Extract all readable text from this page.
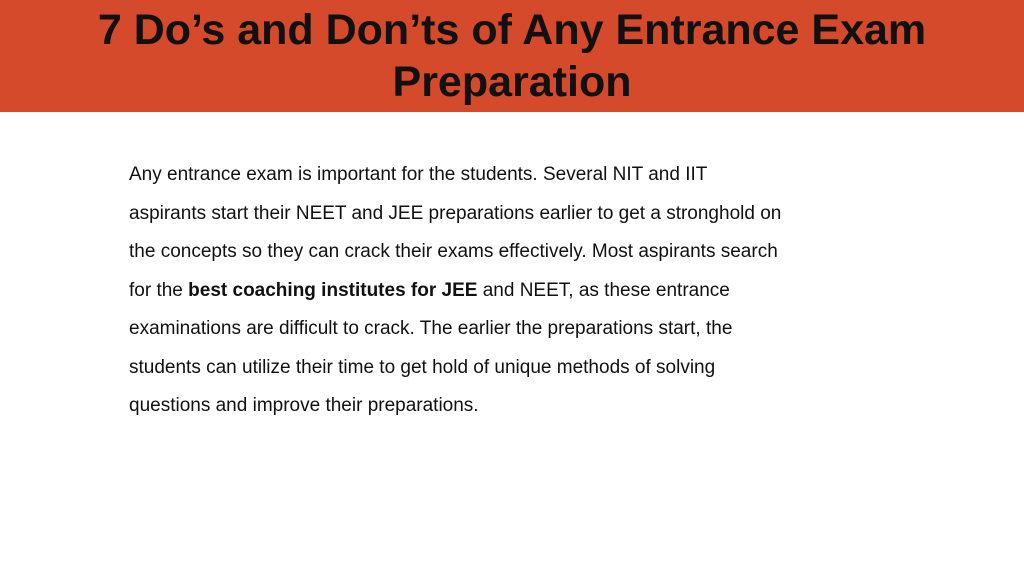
7 Do’s and Don’ts of Any Entrance Exam
Preparation

Any entrance exam is important for the students. Several NIT and IIT
aspirants start their NEET and JEE preparations earlier to get a stronghold on
the concepts so they can crack their exams effectively. Most aspirants search
for the best coaching institutes for JEE and NEET, as these entrance
examinations are difficult to crack. The earlier the preparations start, the
students can utilize their time to get hold of unique methods of solving
questions and improve their preparations.
